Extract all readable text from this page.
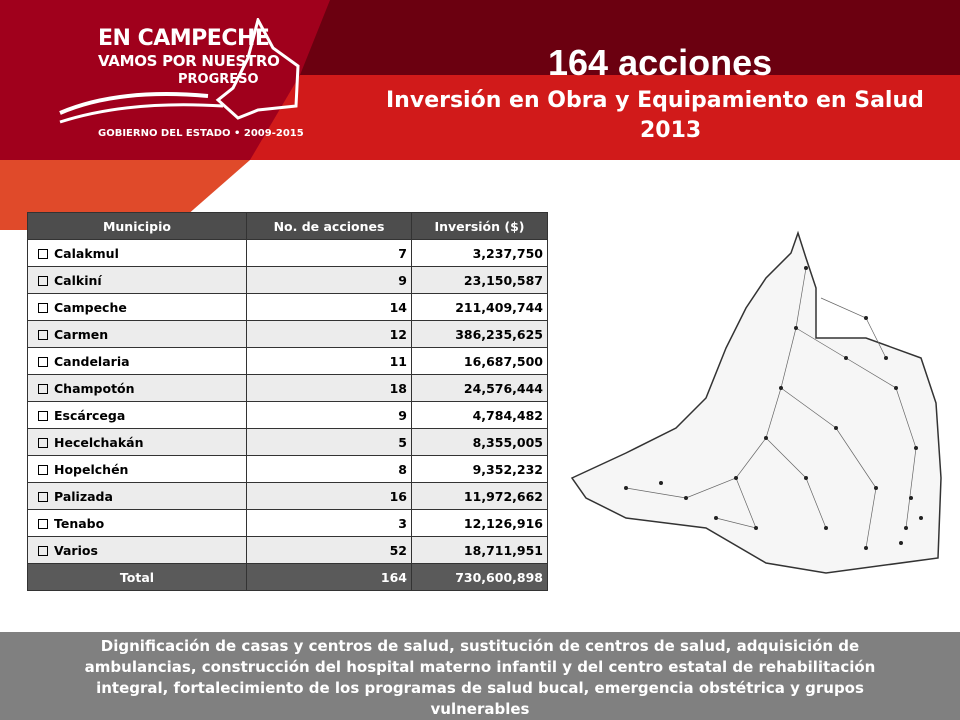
EN CAMPECHE
VAMOS POR NUESTRO
PROGRESO
GOBIERNO DEL ESTADO • 2009-2015
164 acciones
Inversión en Obra y Equipamiento en Salud
2013
Municipio	No. de acciones	Inversión ($)
Calakmul	7	3,237,750
Calkiní	9	23,150,587
Campeche	14	211,409,744
Carmen	12	386,235,625
Candelaria	11	16,687,500
Champotón	18	24,576,444
Escárcega	9	4,784,482
Hecelchakán	5	8,355,005
Hopelchén	8	9,352,232
Palizada	16	11,972,662
Tenabo	3	12,126,916
Varios	52	18,711,951
Total	164	730,600,898

Dignificación de casas y centros de salud, sustitución de centros de salud, adquisición de ambulancias, construcción del hospital materno infantil y del centro estatal de rehabilitación integral, fortalecimiento de los programas de salud bucal, emergencia obstétrica y grupos vulnerables
